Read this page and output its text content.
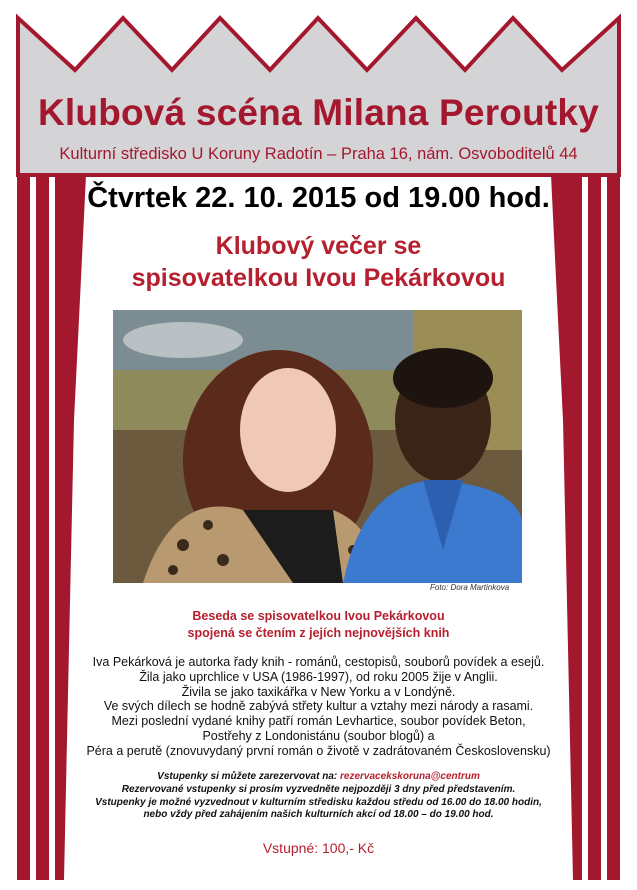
Klubová scéna Milana Peroutky

Kulturní středisko U Koruny Radotín – Praha 16, nám. Osvoboditelů 44

Čtvrtek 22. 10. 2015 od 19.00 hod.

Klubový večer se
spisovatelkou Ivou Pekárkovou
Foto: Dora Martinkova
Beseda se spisovatelkou Ivou Pekárkovou
spojená se čtením z jejích nejnovějších knih
Iva Pekárková je autorka řady knih - románů, cestopisů, souborů povídek a esejů.
Žila jako uprchlice v USA (1986-1997), od roku 2005 žije v Anglii.
Živila se jako taxikářka v New Yorku a v Londýně.
Ve svých dílech se hodně zabývá střety kultur a vztahy mezi národy a rasami.
Mezi poslední vydané knihy patří román Levhartice, soubor povídek Beton,
Postřehy z Londonistánu (soubor blogů) a
Péra a perutě (znovuvydaný první román o životě v zadrátovaném Československu)
Vstupenky si můžete zarezervovat na: rezervacekskoruna@centrum
Rezervované vstupenky si prosím vyzvedněte nejpozději 3 dny před představením.
Vstupenky je možné vyzvednout v kulturním středisku každou středu od 16.00 do 18.00 hodin,
nebo vždy před zahájením našich kulturních akcí od 18.00 – do 19.00 hod.
Vstupné: 100,- Kč
